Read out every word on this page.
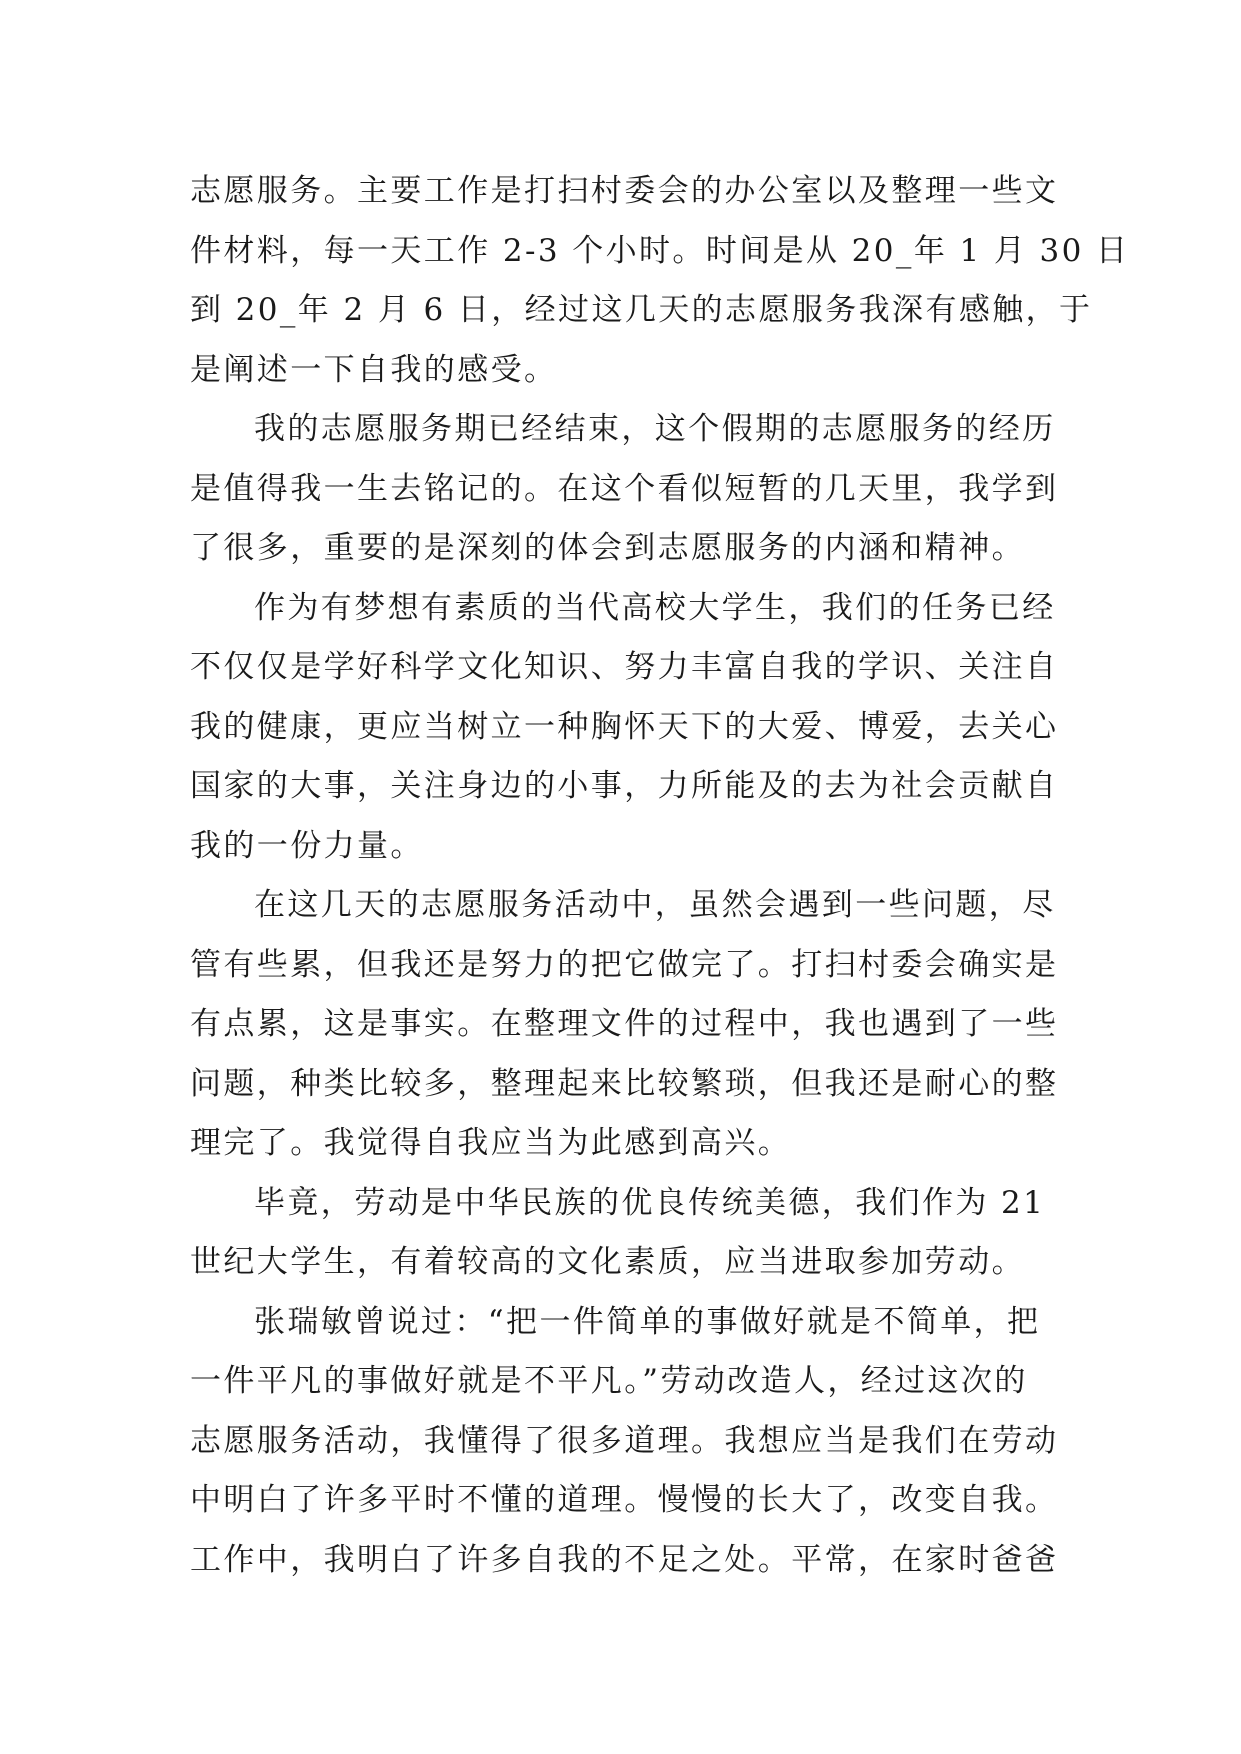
志愿服务。主要工作是打扫村委会的办公室以及整理一些文
件材料，每一天工作 2-3 个小时。时间是从 20_年 1 月 30 日
到 20_年 2 月 6 日，经过这几天的志愿服务我深有感触，于
是阐述一下自我的感受。
我的志愿服务期已经结束，这个假期的志愿服务的经历
是值得我一生去铭记的。在这个看似短暂的几天里，我学到
了很多，重要的是深刻的体会到志愿服务的内涵和精神。
作为有梦想有素质的当代高校大学生，我们的任务已经
不仅仅是学好科学文化知识、努力丰富自我的学识、关注自
我的健康，更应当树立一种胸怀天下的大爱、博爱，去关心
国家的大事，关注身边的小事，力所能及的去为社会贡献自
我的一份力量。
在这几天的志愿服务活动中，虽然会遇到一些问题，尽
管有些累，但我还是努力的把它做完了。打扫村委会确实是
有点累，这是事实。在整理文件的过程中，我也遇到了一些
问题，种类比较多，整理起来比较繁琐，但我还是耐心的整
理完了。我觉得自我应当为此感到高兴。
毕竟，劳动是中华民族的优良传统美德，我们作为 21
世纪大学生，有着较高的文化素质，应当进取参加劳动。
张瑞敏曾说过：“把一件简单的事做好就是不简单，把
一件平凡的事做好就是不平凡。”劳动改造人，经过这次的
志愿服务活动，我懂得了很多道理。我想应当是我们在劳动
中明白了许多平时不懂的道理。慢慢的长大了，改变自我。
工作中，我明白了许多自我的不足之处。平常，在家时爸爸
